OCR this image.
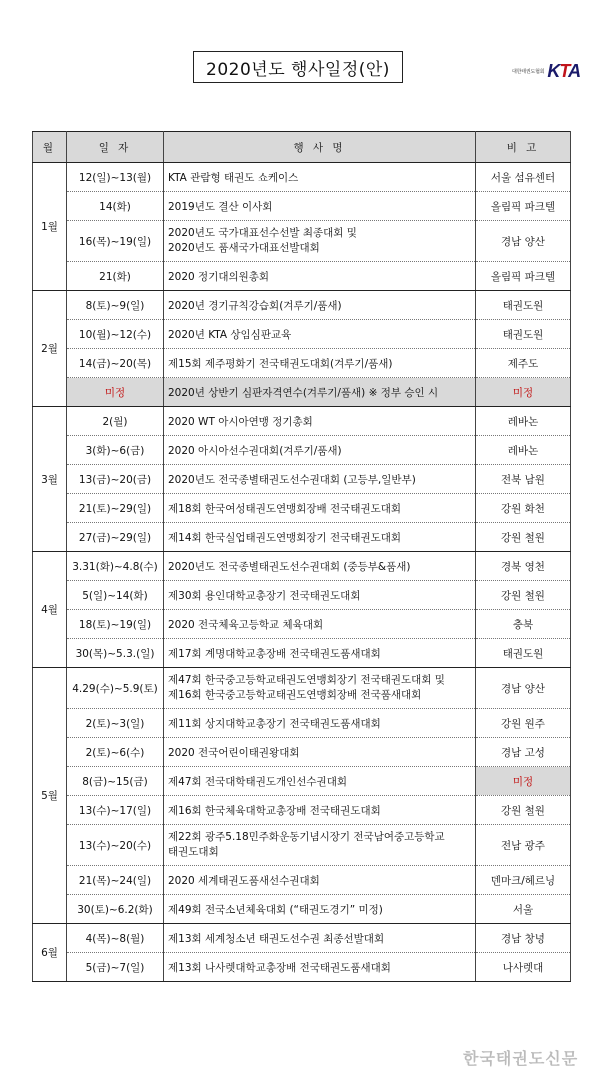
2020년도 행사일정(안)	대한태권도협회 KTA
월	일 자	행 사 명	비 고
1월	12(일)~13(월)	KTA 관람형 태권도 쇼케이스	서울 섬유센터
	14(화)	2019년도 결산 이사회	올림픽 파크텔
	16(목)~19(일)	2020년도 국가대표선수선발 최종대회 및
2020년도 품새국가대표선발대회	경남 양산
	21(화)	2020 정기대의원총회	올림픽 파크텔
2월	8(토)~9(일)	2020년 경기규칙강습회(겨루기/품새)	태권도원
	10(월)~12(수)	2020년 KTA 상임심판교육	태권도원
	14(금)~20(목)	제15회 제주평화기 전국태권도대회(겨루기/품새)	제주도
	미정	2020년 상반기 심판자격연수(겨루기/품새) ※ 정부 승인 시	미정
3월	2(월)	2020 WT 아시아연맹 정기총회	레바논
	3(화)~6(금)	2020 아시아선수권대회(겨루기/품새)	레바논
	13(금)~20(금)	2020년도 전국종별태권도선수권대회 (고등부,일반부)	전북 남원
	21(토)~29(일)	제18회 한국여성태권도연맹회장배 전국태권도대회	강원 화천
	27(금)~29(일)	제14회 한국실업태권도연맹회장기 전국태권도대회	강원 철원
4월	3.31(화)~4.8(수)	2020년도 전국종별태권도선수권대회 (중등부&품새)	경북 영천
	5(일)~14(화)	제30회 용인대학교총장기 전국태권도대회	강원 철원
	18(토)~19(일)	2020 전국체육고등학교 체육대회	충북
	30(목)~5.3.(일)	제17회 계명대학교총장배 전국태권도품새대회	태권도원
5월	4.29(수)~5.9(토)	제47회 한국중고등학교태권도연맹회장기 전국태권도대회 및
제16회 한국중고등학교태권도연맹회장배 전국품새대회	경남 양산
	2(토)~3(일)	제11회 상지대학교총장기 전국태권도품새대회	강원 원주
	2(토)~6(수)	2020 전국어린이태권왕대회	경남 고성
	8(금)~15(금)	제47회 전국대학태권도개인선수권대회	미정
	13(수)~17(일)	제16회 한국체육대학교총장배 전국태권도대회	강원 철원
	13(수)~20(수)	제22회 광주5.18민주화운동기념시장기 전국남여중고등학교
태권도대회	전남 광주
	21(목)~24(일)	2020 세계태권도품새선수권대회	덴마크/헤르닝
	30(토)~6.2(화)	제49회 전국소년체육대회 (“태권도경기” 미정)	서울
6월	4(목)~8(월)	제13회 세계청소년 태권도선수권 최종선발대회	경남 창녕
	5(금)~7(일)	제13회 나사렛대학교총장배 전국태권도품새대회	나사렛대
한국태권도신문
